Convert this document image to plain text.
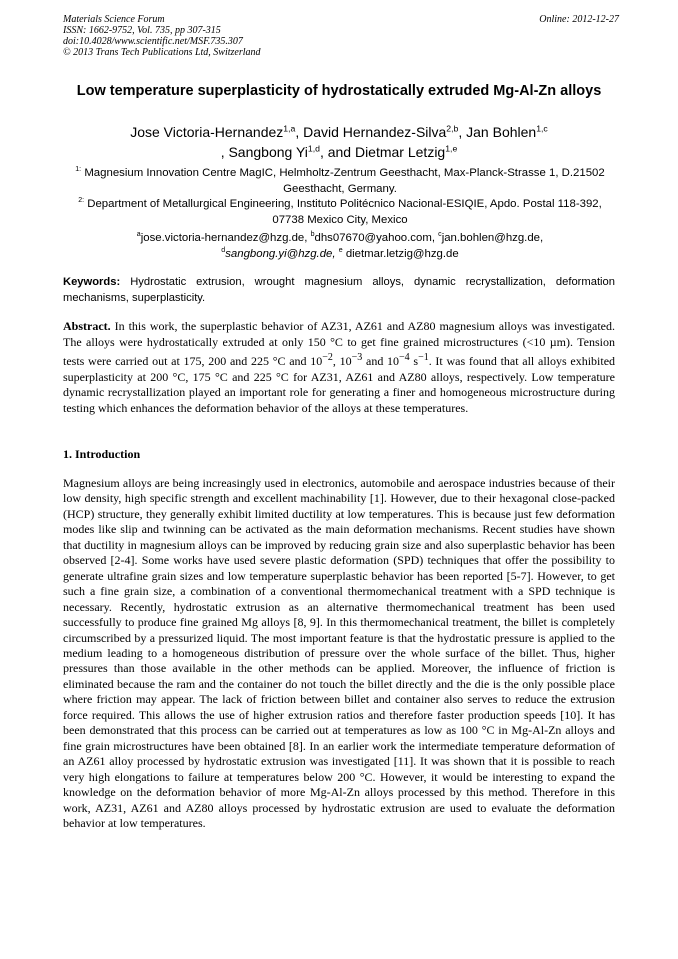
Materials Science Forum	Online: 2012-12-27
ISSN: 1662-9752, Vol. 735, pp 307-315
doi:10.4028/www.scientific.net/MSF.735.307
© 2013 Trans Tech Publications Ltd, Switzerland
Low temperature superplasticity of hydrostatically extruded Mg-Al-Zn alloys
Jose Victoria-Hernandez$^{1,a}$, David Hernandez-Silva$^{2,b}$, Jan Bohlen$^{1,c}$
, Sangbong Yi$^{1,d}$, and Dietmar Letzig$^{1,e}$

$^{1:}$ Magnesium Innovation Centre MagIC, Helmholtz-Zentrum Geesthacht, Max-Planck-Strasse 1, D.21502 Geesthacht, Germany.

$^{2:}$ Department of Metallurgical Engineering, Instituto Politécnico Nacional-ESIQIE, Apdo. Postal 118-392, 07738 Mexico City, Mexico

$^a$jose.victoria-hernandez@hzg.de, $^b$dhs07670@yahoo.com, $^c$jan.bohlen@hzg.de,

$^d$sangbong.yi@hzg.de, $^e$ dietmar.letzig@hzg.de

Keywords: Hydrostatic extrusion, wrought magnesium alloys, dynamic recrystallization, deformation mechanisms, superplasticity.

Abstract. In this work, the superplastic behavior of AZ31, AZ61 and AZ80 magnesium alloys was investigated. The alloys were hydrostatically extruded at only 150 °C to get fine grained microstructures (<10 µm). Tension tests were carried out at 175, 200 and 225 °C and $10^{-2}$, $10^{-3}$ and $10^{-4}$ $s^{-1}$. It was found that all alloys exhibited superplasticity at 200 °C, 175 °C and 225 °C for AZ31, AZ61 and AZ80 alloys, respectively. Low temperature dynamic recrystallization played an important role for generating a finer and homogeneous microstructure during testing which enhances the deformation behavior of the alloys at these temperatures.

1. Introduction

Magnesium alloys are being increasingly used in electronics, automobile and aerospace industries because of their low density, high specific strength and excellent machinability [1]. However, due to their hexagonal close-packed (HCP) structure, they generally exhibit limited ductility at low temperatures. This is because just few deformation modes like slip and twinning can be activated as the main deformation mechanisms. Recent studies have shown that ductility in magnesium alloys can be improved by reducing grain size and also superplastic behavior has been observed [2-4]. Some works have used severe plastic deformation (SPD) techniques that offer the possibility to generate ultrafine grain sizes and low temperature superplastic behavior has been reported [5-7]. However, to get such a fine grain size, a combination of a conventional thermomechanical treatment with a SPD technique is necessary. Recently, hydrostatic extrusion as an alternative thermomechanical treatment has been used successfully to produce fine grained Mg alloys [8, 9]. In this thermomechanical treatment, the billet is completely circumscribed by a pressurized liquid. The most important feature is that the hydrostatic pressure is applied to the medium leading to a homogeneous distribution of pressure over the whole surface of the billet. Thus, higher pressures than those available in the other methods can be applied. Moreover, the influence of friction is eliminated because the ram and the container do not touch the billet directly and the die is the only possible place where friction may appear. The lack of friction between billet and container also serves to reduce the extrusion force required. This allows the use of higher extrusion ratios and therefore faster production speeds [10]. It has been demonstrated that this process can be carried out at temperatures as low as 100 °C in Mg-Al-Zn alloys and fine grain microstructures have been obtained [8]. In an earlier work the intermediate temperature deformation of an AZ61 alloy processed by hydrostatic extrusion was investigated [11]. It was shown that it is possible to reach very high elongations to failure at temperatures below 200 °C. However, it would be interesting to expand the knowledge on the deformation behavior of more Mg-Al-Zn alloys processed by this method. Therefore in this work, AZ31, AZ61 and AZ80 alloys processed by hydrostatic extrusion are used to evaluate the deformation behavior at low temperatures.
